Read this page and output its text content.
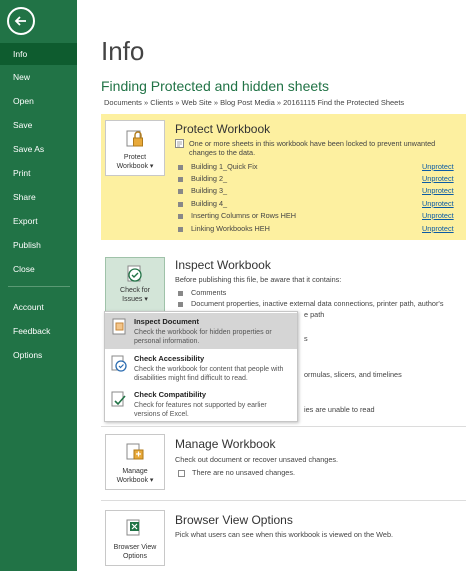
Info
New
Open
Save
Save As
Print
Share
Export
Publish
Close
Account
Feedback
Options
Info
Finding Protected and hidden sheets
Documents » Clients » Web Site » Blog Post Media » 20161115 Find the Protected Sheets
Protect
Workbook ▾
Protect Workbook
One or more sheets in this workbook have been locked to prevent unwanted changes to the data.
Building 1_Quick Fix	Unprotect
Building 2_	Unprotect
Building 3_	Unprotect
Building 4_	Unprotect
Inserting Columns or Rows HEH	Unprotect
Linking Workbooks HEH	Unprotect
Check for
Issues ▾
Inspect Workbook
Before publishing this file, be aware that it contains:
Comments
Document properties, inactive external data connections, printer path, author's
e path
s
ormulas, slicers, and timelines
ies are unable to read
Inspect Document
Check the workbook for hidden properties or personal information.
Check Accessibility
Check the workbook for content that people with disabilities might find difficult to read.
Check Compatibility
Check for features not supported by earlier versions of Excel.
Manage
Workbook ▾
Manage Workbook
Check out document or recover unsaved changes.
There are no unsaved changes.
Browser View
Options
Browser View Options
Pick what users can see when this workbook is viewed on the Web.
